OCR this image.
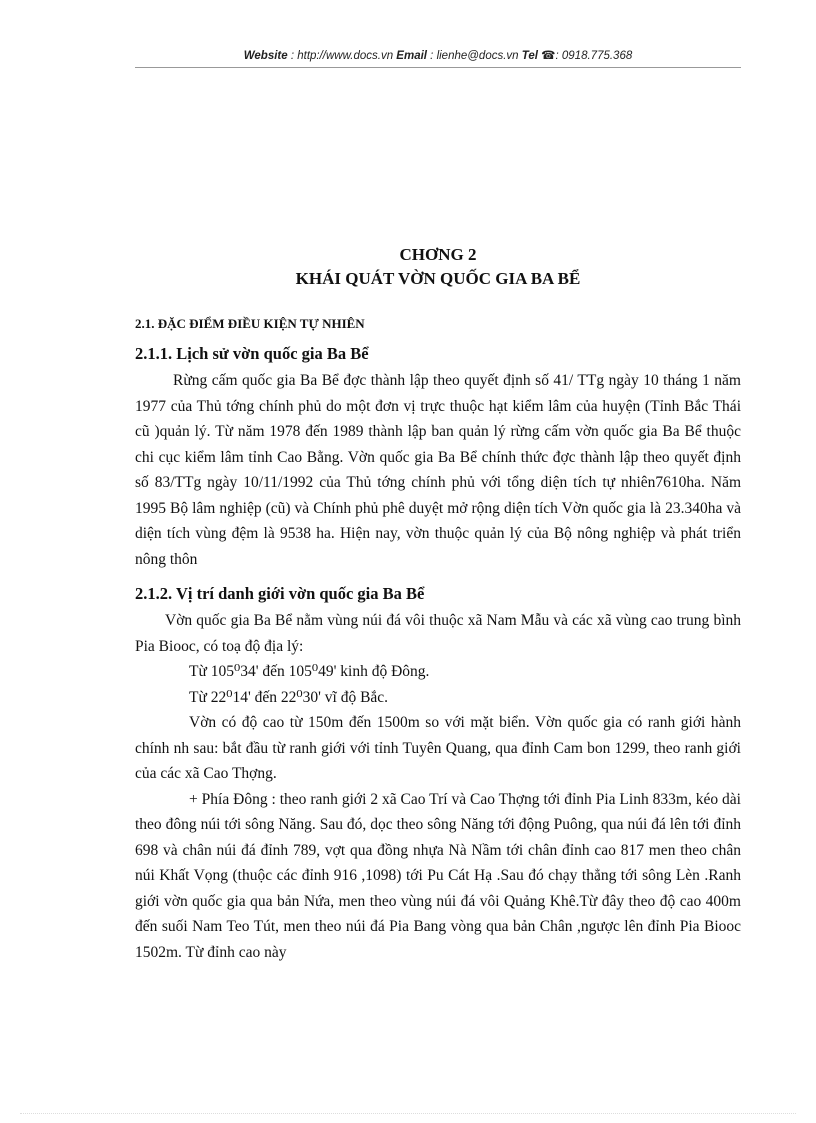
Website : http://www.docs.vn Email : lienhe@docs.vn Tel ☎: 0918.775.368
CHƠNG 2
KHÁI QUÁT VỜN QUỐC GIA BA BỂ
2.1. ĐẶC ĐIỂM ĐIỀU KIỆN TỰ NHIÊN
2.1.1. Lịch sử vờn quốc gia Ba Bể

Rừng cấm quốc gia Ba Bể đợc thành lập theo quyết định số 41/ TTg ngày 10 tháng 1 năm 1977 của Thủ tớng chính phủ do một đơn vị trực thuộc hạt kiểm lâm của huyện (Tỉnh Bắc Thái cũ )quản lý. Từ năm 1978 đến 1989 thành lập ban quản lý rừng cấm vờn quốc gia Ba Bể thuộc chi cục kiểm lâm tỉnh Cao Bằng. Vờn quốc gia Ba Bể chính thức đợc thành lập theo quyết định số 83/TTg ngày 10/11/1992 của Thủ tớng chính phủ với tổng diện tích tự nhiên7610ha. Năm 1995 Bộ lâm nghiệp (cũ) và Chính phủ phê duyệt mở rộng diện tích Vờn quốc gia là 23.340ha và diện tích vùng đệm là 9538 ha. Hiện nay, vờn thuộc quản lý của Bộ nông nghiệp và phát triển nông thôn

2.1.2. Vị trí danh giới vờn quốc gia Ba Bể

Vờn quốc gia Ba Bể nằm vùng núi đá vôi thuộc xã Nam Mẫu và các xã vùng cao trung bình Pia Biooc, có toạ độ địa lý:

Từ 105⁰34' đến 105⁰49' kinh độ Đông.

Từ 22⁰14' đến 22⁰30' vĩ độ Bắc.

Vờn có độ cao từ 150m đến 1500m so với mặt biển. Vờn quốc gia có ranh giới hành chính nh sau: bắt đầu từ ranh giới với tỉnh Tuyên Quang, qua đỉnh Cam bon 1299, theo ranh giới của các xã Cao Thợng.

+ Phía Đông : theo ranh giới 2 xã Cao Trí và Cao Thợng tới đỉnh Pia Linh 833m, kéo dài theo đông núi tới sông Năng. Sau đó, dọc theo sông Năng tới động Puông, qua núi đá lên tới đỉnh 698 và chân núi đá đỉnh 789, vợt qua đồng nhựa Nà Nầm tới chân đỉnh cao 817 men theo chân núi Khất Vọng (thuộc các đỉnh 916 ,1098) tới Pu Cát Hạ .Sau đó chạy thẳng tới sông Lèn .Ranh giới vờn quốc gia qua bản Nứa, men theo vùng núi đá vôi Quảng Khê.Từ đây theo độ cao 400m đến suối Nam Teo Tút, men theo núi đá Pia Bang vòng qua bản Chân ,ngược lên đỉnh Pia Biooc 1502m. Từ đỉnh cao này
